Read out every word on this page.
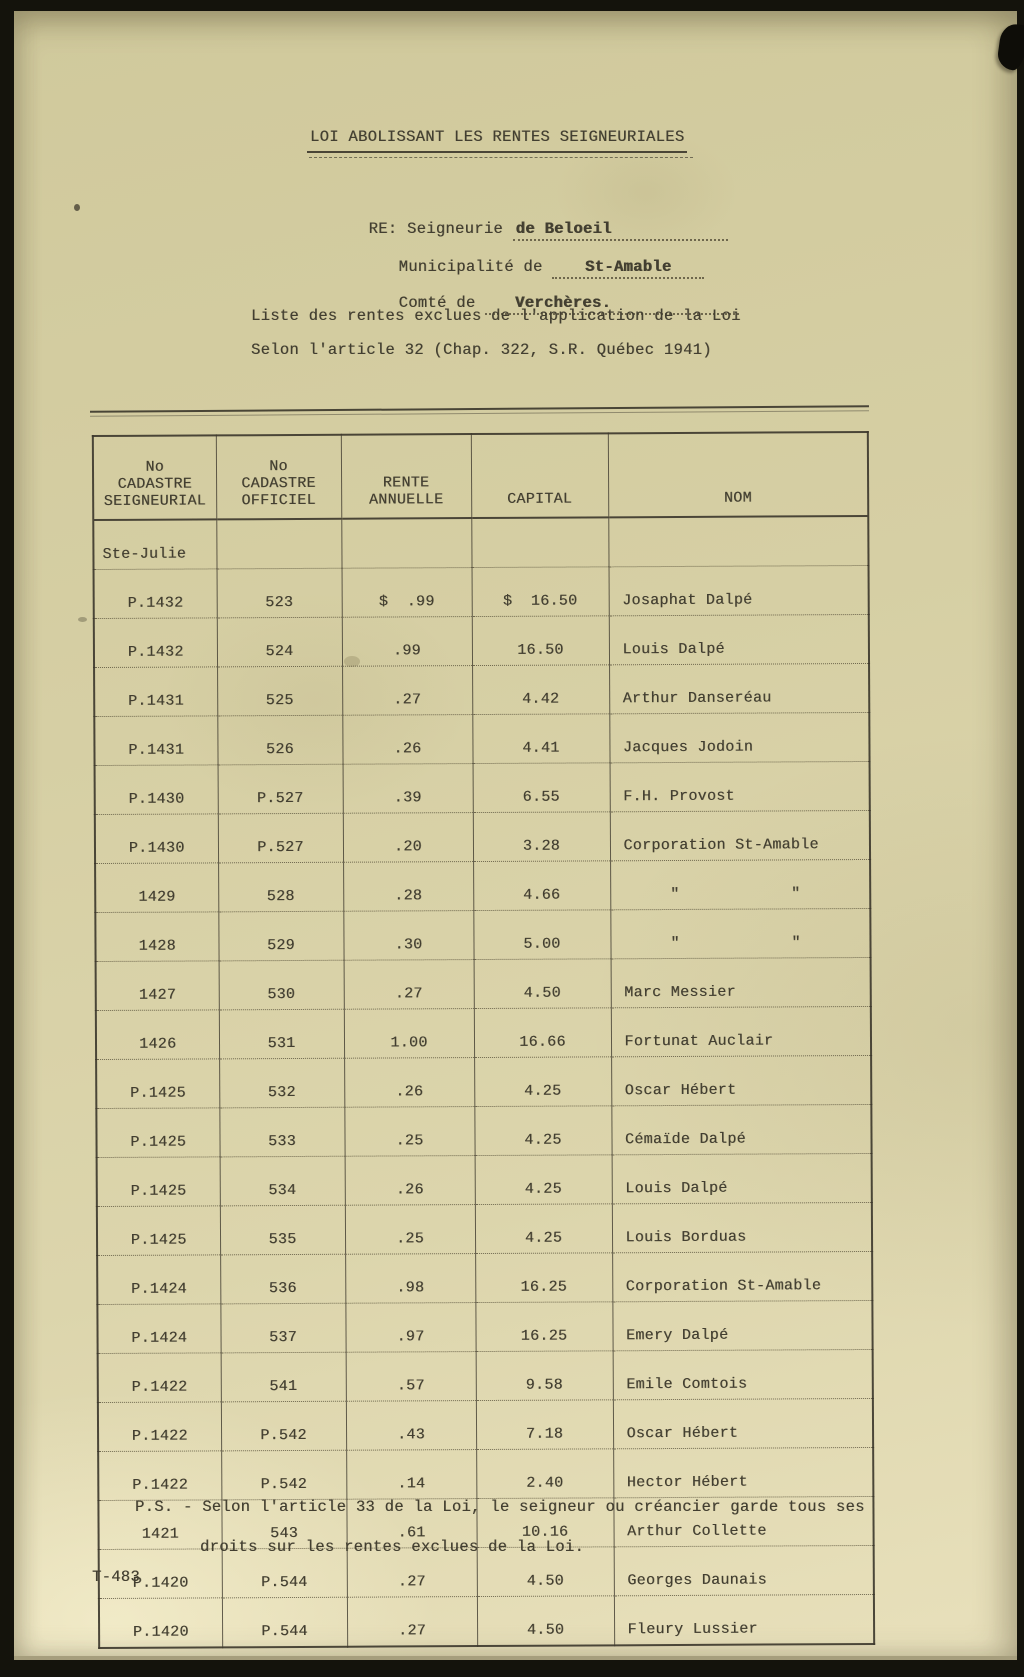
LOI ABOLISSANT LES RENTES SEIGNEURIALES

RE: Seigneurie de Beloeil

Municipalité de	St-Amable

Comté de	Verchères.

Liste des rentes exclues de l'application de la Loi
Selon l'article 32 (Chap. 322, S.R. Québec 1941)
No
CADASTRE
SEIGNEURIAL

No
CADASTRE
OFFICIEL

RENTE
ANNUELLE	CAPITAL	NOM

Ste-Julie				
P.1432	523	$  .99	$  16.50	Josaphat Dalpé
P.1432	524	.99	16.50	Louis Dalpé
P.1431	525	.27	4.42	Arthur Danseréau
P.1431	526	.26	4.41	Jacques Jodoin
P.1430	P.527	.39	6.55	F.H. Provost
P.1430	P.527	.20	3.28	Corporation St-Amable
1429	528	.28	4.66	"            "
1428	529	.30	5.00	"            "
1427	530	.27	4.50	Marc Messier
1426	531	1.00	16.66	Fortunat Auclair
P.1425	532	.26	4.25	Oscar Hébert
P.1425	533	.25	4.25	Cémaïde Dalpé
P.1425	534	.26	4.25	Louis Dalpé
P.1425	535	.25	4.25	Louis Borduas
P.1424	536	.98	16.25	Corporation St-Amable
P.1424	537	.97	16.25	Emery Dalpé
P.1422	541	.57	9.58	Emile Comtois
P.1422	P.542	.43	7.18	Oscar Hébert
P.1422	P.542	.14	2.40	Hector Hébert
1421	543	.61	10.16	Arthur Collette
P.1420	P.544	.27	4.50	Georges Daunais
P.1420	P.544	.27	4.50	Fleury Lussier
P.S. - Selon l'article 33 de la Loi, le seigneur ou créancier garde tous ses
droits sur les rentes exclues de la Loi.
T-483
